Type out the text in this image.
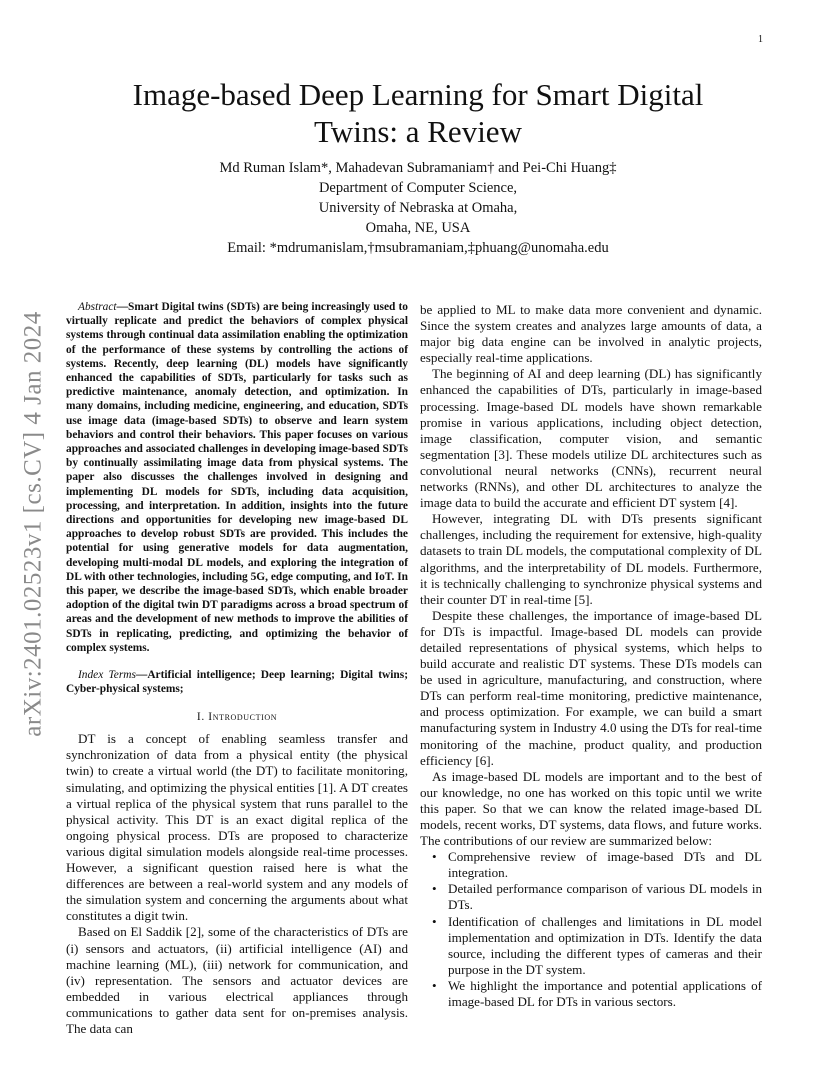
1
arXiv:2401.02523v1 [cs.CV] 4 Jan 2024
Image-based Deep Learning for Smart Digital
Twins: a Review
Md Ruman Islam*, Mahadevan Subramaniam† and Pei-Chi Huang‡
Department of Computer Science,
University of Nebraska at Omaha,
Omaha, NE, USA
Email: *mdrumanislam,†msubramaniam,‡phuang@unomaha.edu

Abstract—Smart Digital twins (SDTs) are being increasingly used to virtually replicate and predict the behaviors of complex physical systems through continual data assimilation enabling the optimization of the performance of these systems by controlling the actions of systems. Recently, deep learning (DL) models have significantly enhanced the capabilities of SDTs, particularly for tasks such as predictive maintenance, anomaly detection, and optimization. In many domains, including medicine, engineering, and education, SDTs use image data (image-based SDTs) to observe and learn system behaviors and control their behaviors. This paper focuses on various approaches and associated challenges in developing image-based SDTs by continually assimilating image data from physical systems. The paper also discusses the challenges involved in designing and implementing DL models for SDTs, including data acquisition, processing, and interpretation. In addition, insights into the future directions and opportunities for developing new image-based DL approaches to develop robust SDTs are provided. This includes the potential for using generative models for data augmentation, developing multi-modal DL models, and exploring the integration of DL with other technologies, including 5G, edge computing, and IoT. In this paper, we describe the image-based SDTs, which enable broader adoption of the digital twin DT paradigms across a broad spectrum of areas and the development of new methods to improve the abilities of SDTs in replicating, predicting, and optimizing the behavior of complex systems.

Index Terms—Artificial intelligence; Deep learning; Digital twins; Cyber-physical systems;

I. Introduction

DT is a concept of enabling seamless transfer and synchronization of data from a physical entity (the physical twin) to create a virtual world (the DT) to facilitate monitoring, simulating, and optimizing the physical entities [1]. A DT creates a virtual replica of the physical system that runs parallel to the physical activity. This DT is an exact digital replica of the ongoing physical process. DTs are proposed to characterize various digital simulation models alongside real-time processes. However, a significant question raised here is what the differences are between a real-world system and any models of the simulation system and concerning the arguments about what constitutes a digit twin.

Based on El Saddik [2], some of the characteristics of DTs are (i) sensors and actuators, (ii) artificial intelligence (AI) and machine learning (ML), (iii) network for communication, and (iv) representation. The sensors and actuator devices are embedded in various electrical appliances through communications to gather data sent for on-premises analysis. The data can

be applied to ML to make data more convenient and dynamic. Since the system creates and analyzes large amounts of data, a major big data engine can be involved in analytic projects, especially real-time applications.

The beginning of AI and deep learning (DL) has significantly enhanced the capabilities of DTs, particularly in image-based processing. Image-based DL models have shown remarkable promise in various applications, including object detection, image classification, computer vision, and semantic segmentation [3]. These models utilize DL architectures such as convolutional neural networks (CNNs), recurrent neural networks (RNNs), and other DL architectures to analyze the image data to build the accurate and efficient DT system [4].

However, integrating DL with DTs presents significant challenges, including the requirement for extensive, high-quality datasets to train DL models, the computational complexity of DL algorithms, and the interpretability of DL models. Furthermore, it is technically challenging to synchronize physical systems and their counter DT in real-time [5].

Despite these challenges, the importance of image-based DL for DTs is impactful. Image-based DL models can provide detailed representations of physical systems, which helps to build accurate and realistic DT systems. These DTs models can be used in agriculture, manufacturing, and construction, where DTs can perform real-time monitoring, predictive maintenance, and process optimization. For example, we can build a smart manufacturing system in Industry 4.0 using the DTs for real-time monitoring of the machine, product quality, and production efficiency [6].

As image-based DL models are important and to the best of our knowledge, no one has worked on this topic until we write this paper. So that we can know the related image-based DL models, recent works, DT systems, data flows, and future works. The contributions of our review are summarized below:

• Comprehensive review of image-based DTs and DL integration.
• Detailed performance comparison of various DL models in DTs.
• Identification of challenges and limitations in DL model implementation and optimization in DTs. Identify the data source, including the different types of cameras and their purpose in the DT system.
• We highlight the importance and potential applications of image-based DL for DTs in various sectors.
